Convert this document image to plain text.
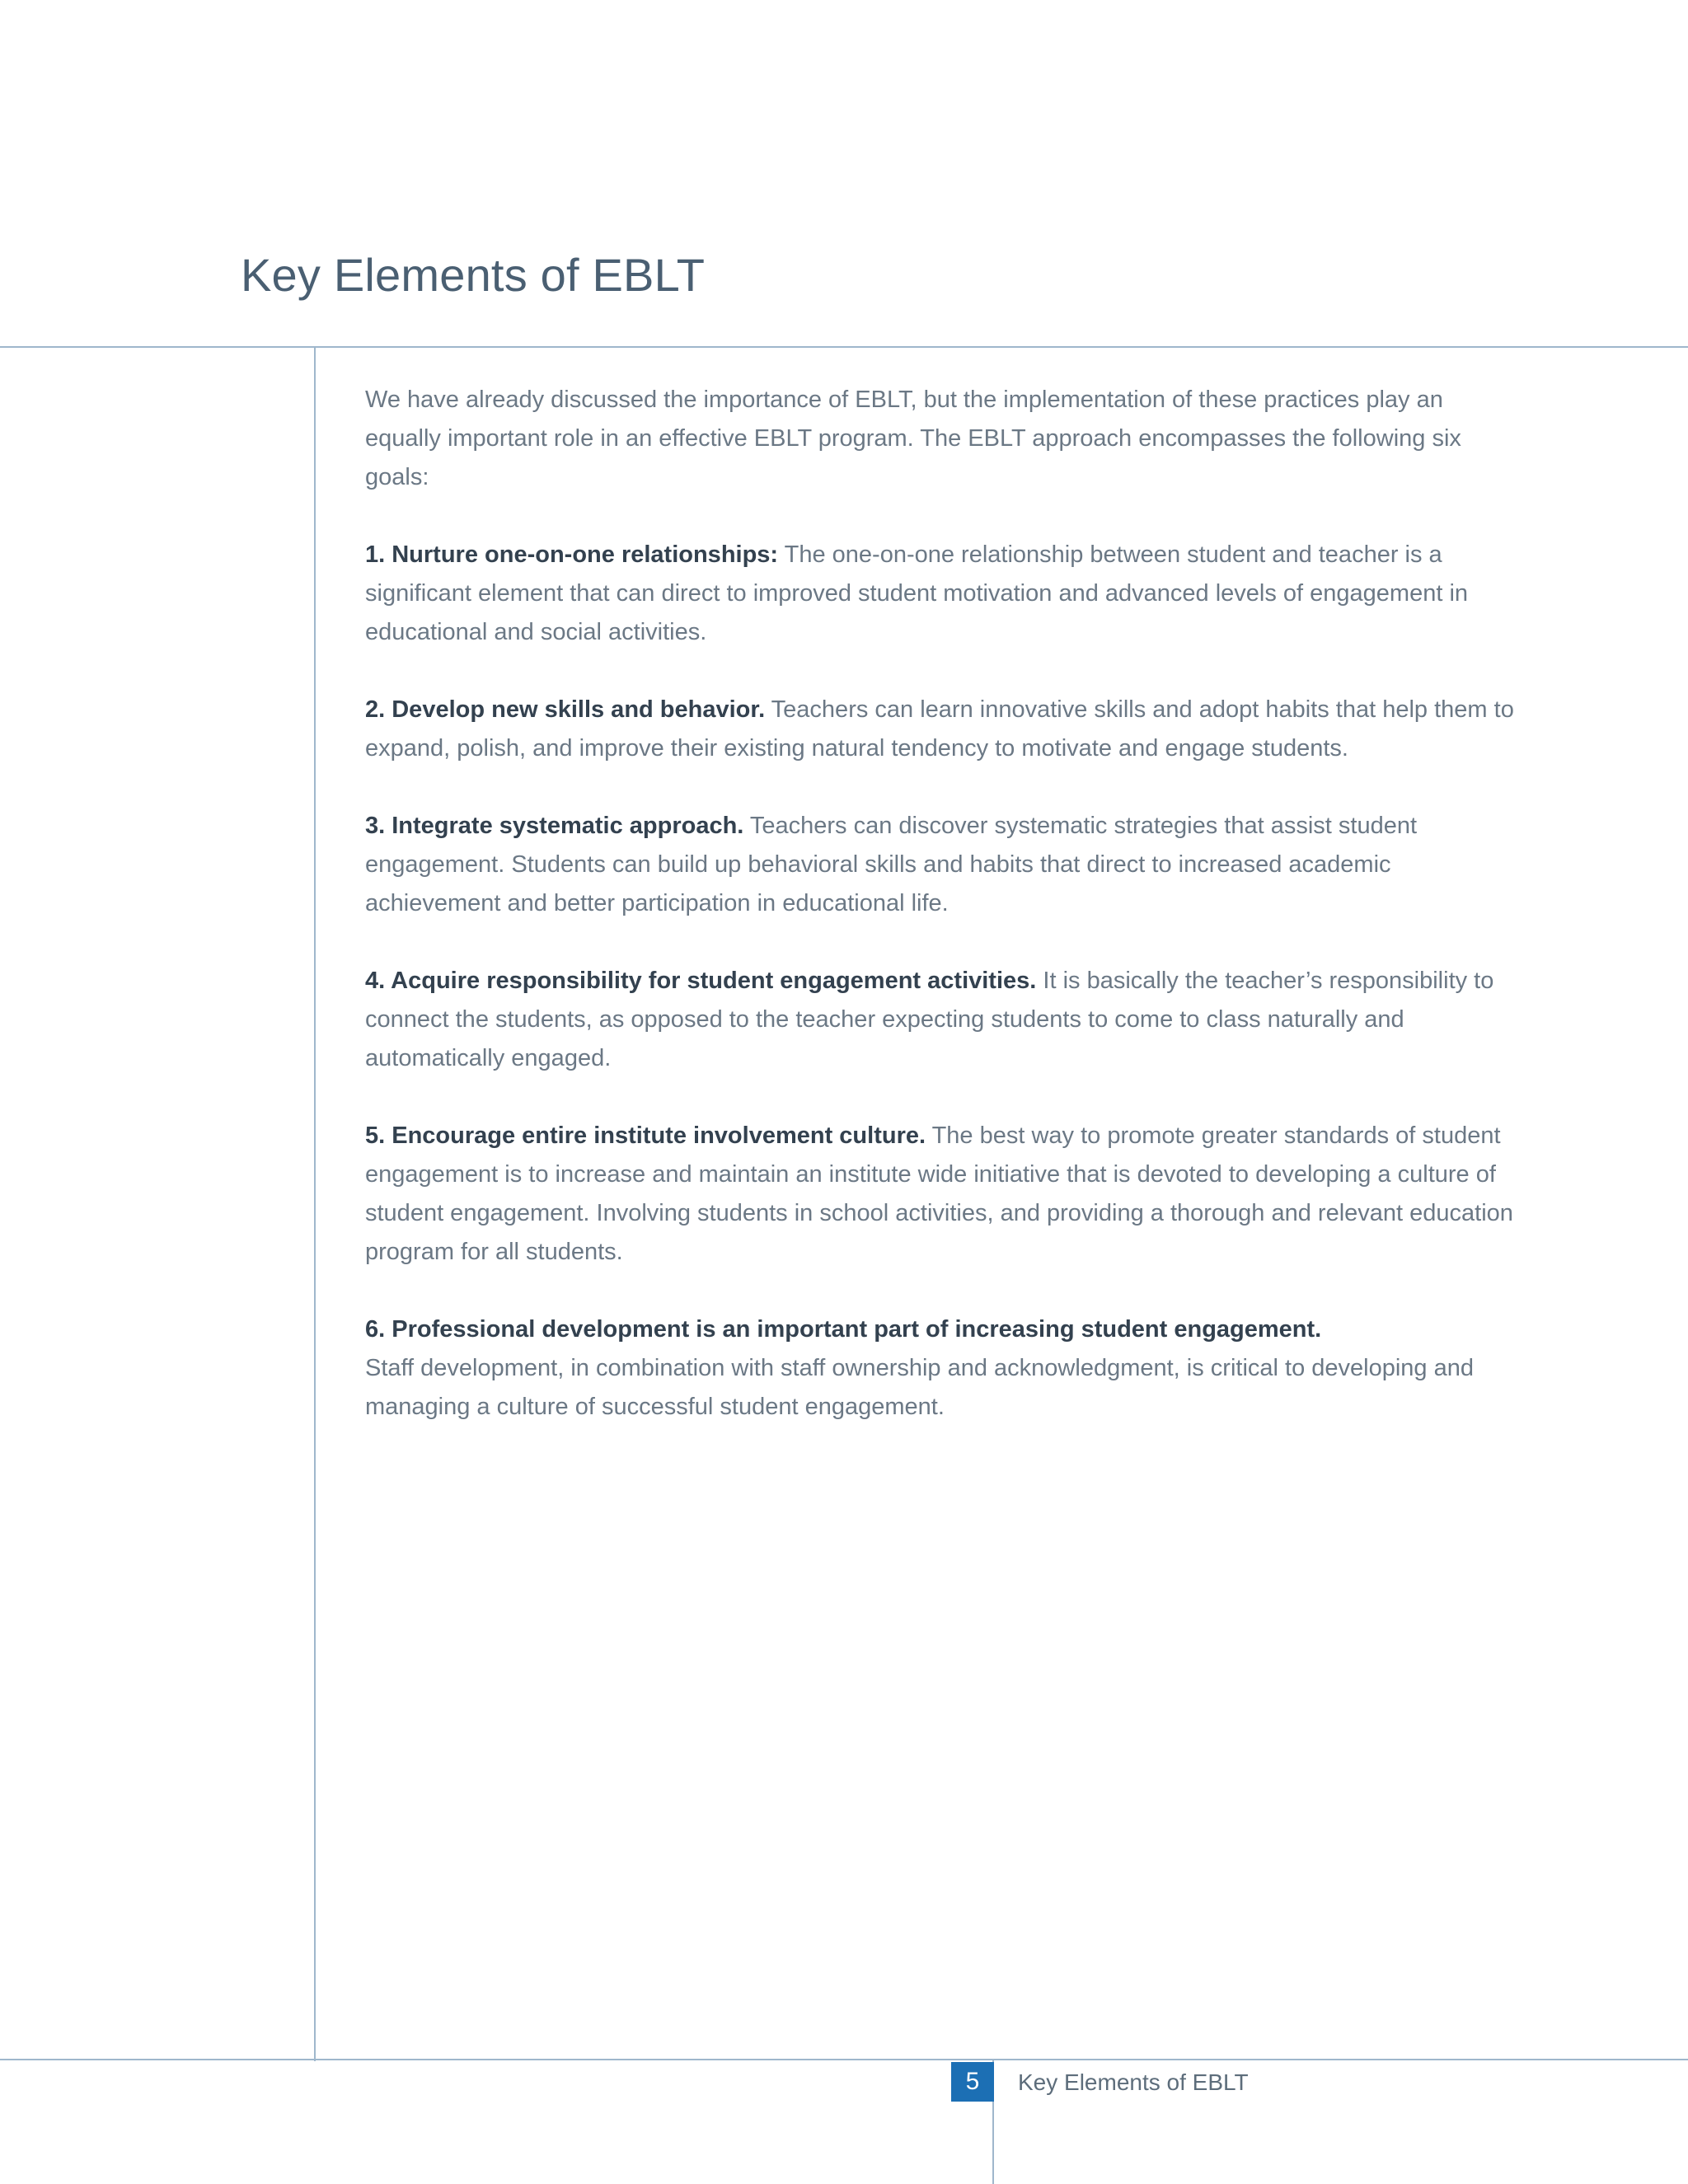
Key Elements of EBLT

We have already discussed the importance of EBLT, but the implementation of these practices play an equally important role in an effective EBLT program. The EBLT approach encompasses the following six goals:

1. Nurture one-on-one relationships: The one-on-one relationship between student and teacher is a significant element that can direct to improved student motivation and advanced levels of engagement in educational and social activities.

2. Develop new skills and behavior. Teachers can learn innovative skills and adopt habits that help them to expand, polish, and improve their existing natural tendency to motivate and engage students.

3. Integrate systematic approach. Teachers can discover systematic strategies that assist student engagement. Students can build up behavioral skills and habits that direct to increased academic achievement and better participation in educational life.

4. Acquire responsibility for student engagement activities. It is basically the teacher’s responsibility to connect the students, as opposed to the teacher expecting students to come to class naturally and automatically engaged.

5. Encourage entire institute involvement culture. The best way to promote greater standards of student engagement is to increase and maintain an institute wide initiative that is devoted to developing a culture of student engagement. Involving students in school activities, and providing a thorough and relevant education program for all students.

6. Professional development is an important part of increasing student engagement.
Staff development, in combination with staff ownership and acknowledgment, is critical to developing and managing a culture of successful student engagement.

5	Key Elements of EBLT
